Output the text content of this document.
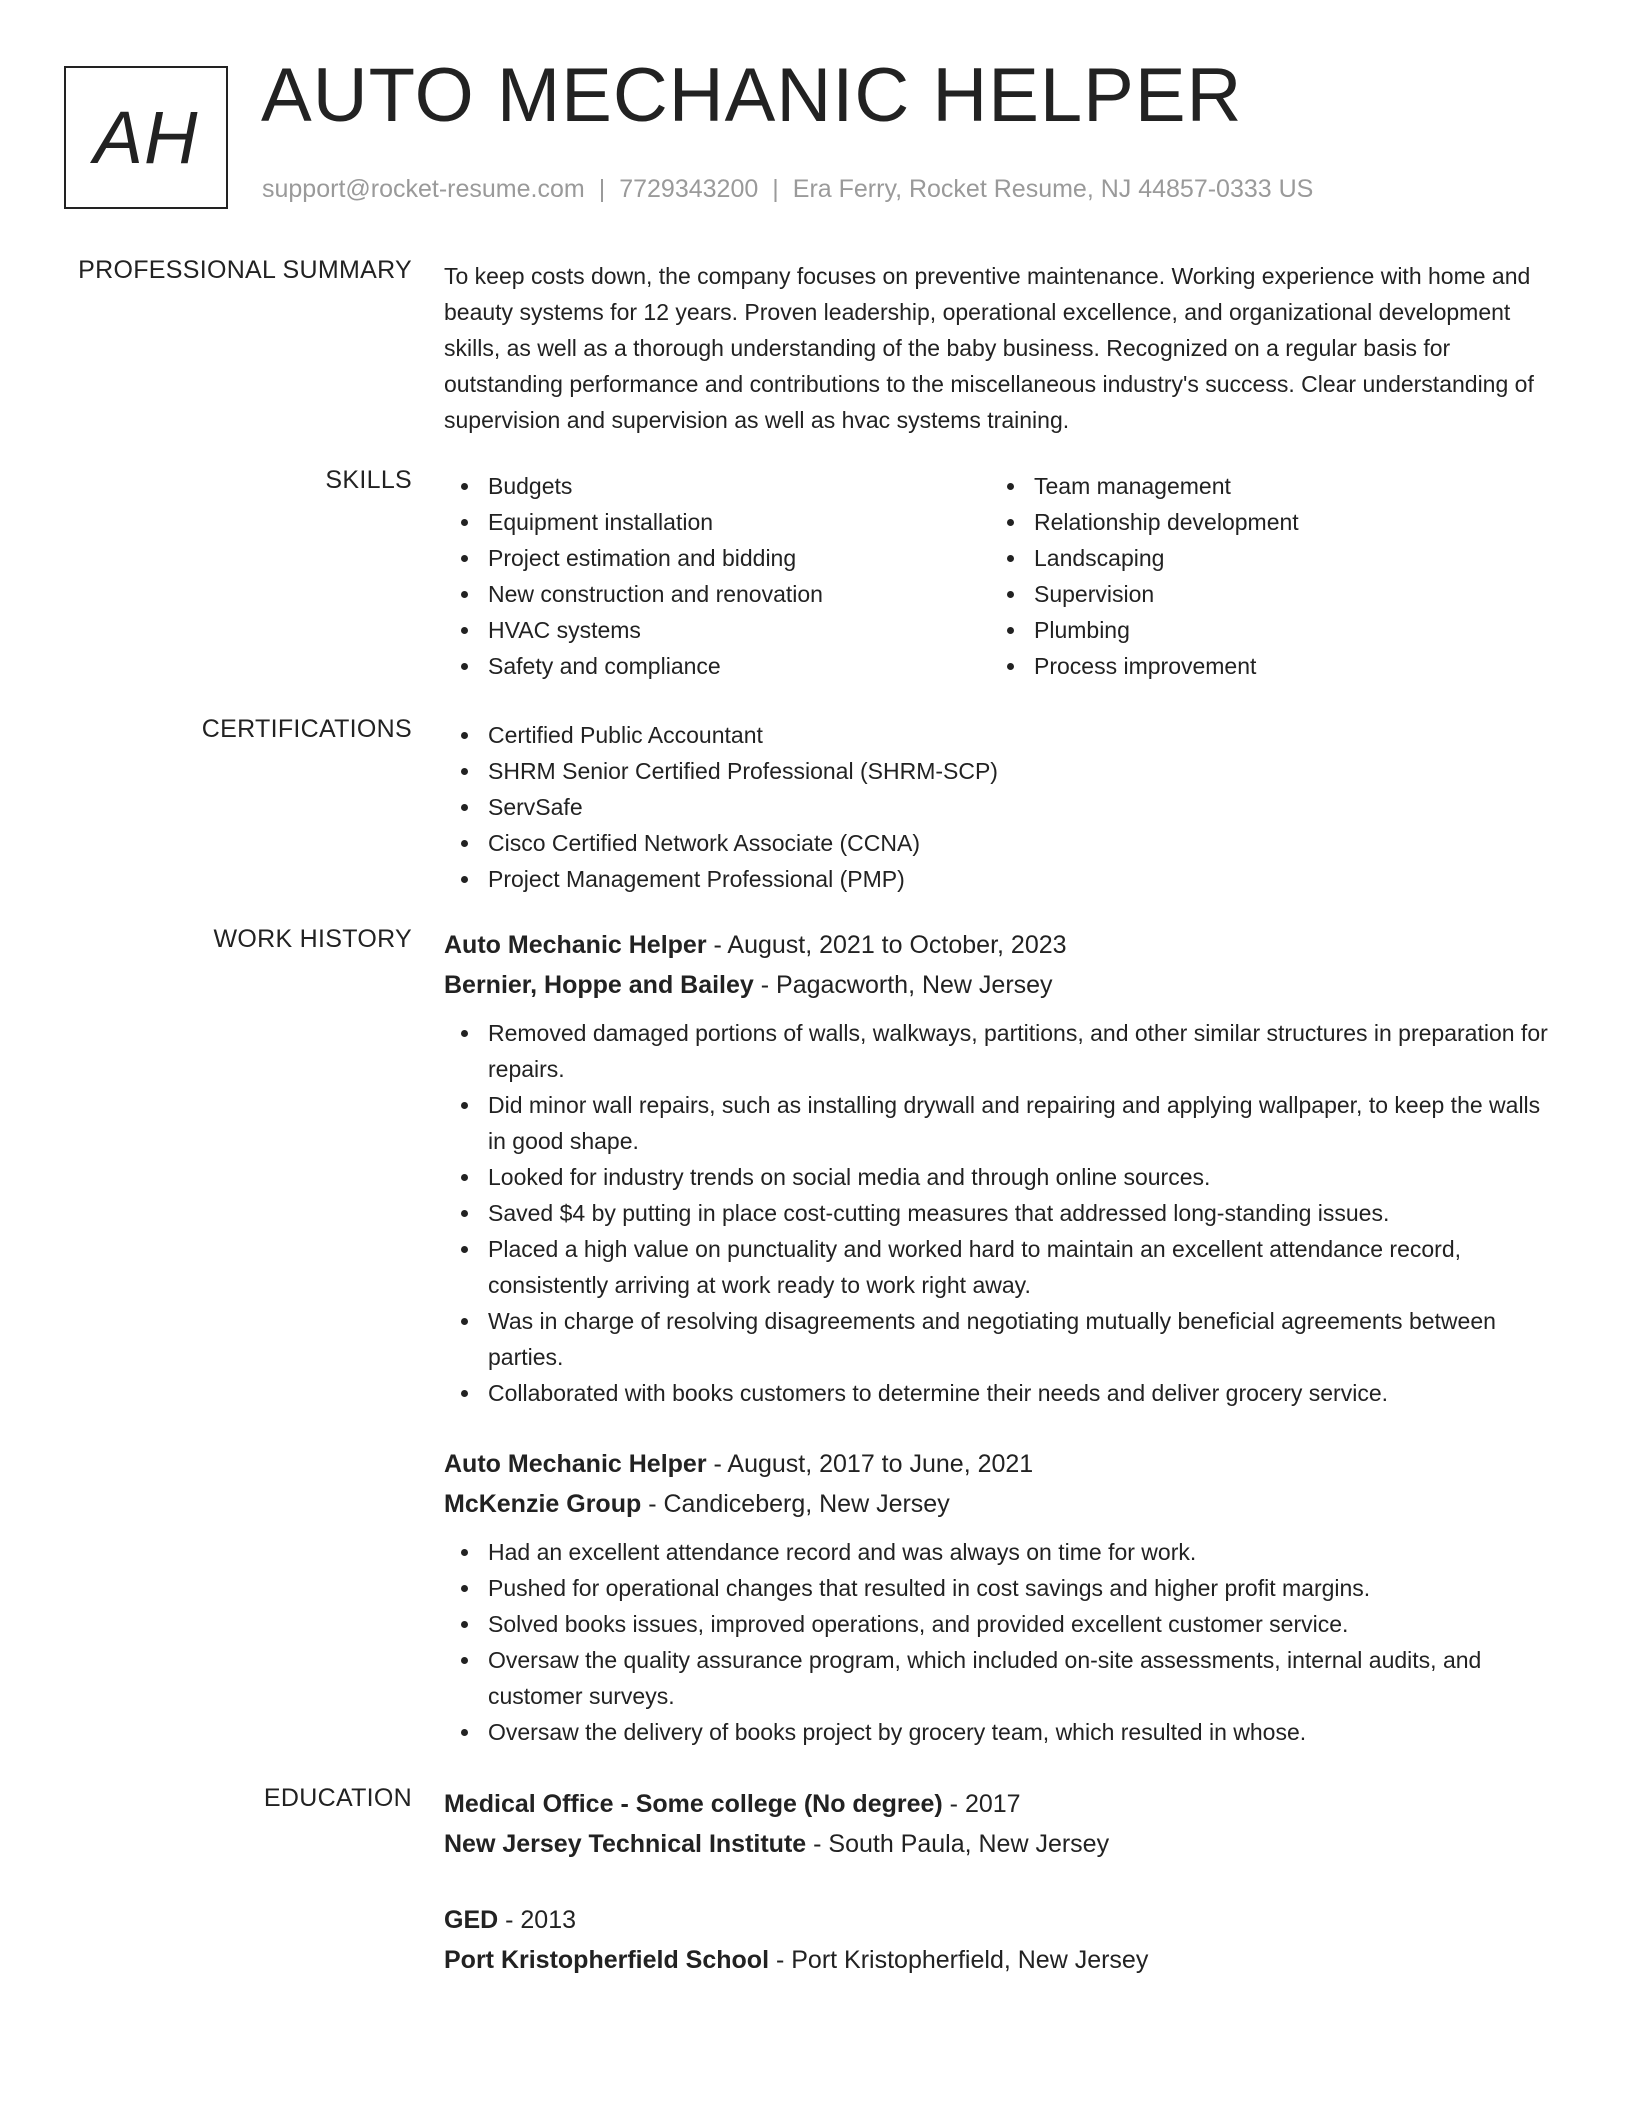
AH AUTO MECHANIC HELPER
support@rocket-resume.com | 7729343200 | Era Ferry, Rocket Resume, NJ 44857-0333 US
PROFESSIONAL SUMMARY To keep costs down, the company focuses on preventive maintenance. Working experience with home and beauty systems for 12 years. Proven leadership, operational excellence, and organizational development skills, as well as a thorough understanding of the baby business. Recognized on a regular basis for outstanding performance and contributions to the miscellaneous industry's success. Clear understanding of supervision and supervision as well as hvac systems training.
SKILLS	Budgets
Equipment installation
Project estimation and bidding
New construction and renovation
HVAC systems
Safety and compliance
Team management
Relationship development
Landscaping
Supervision
Plumbing
Process improvement
CERTIFICATIONS	Certified Public Accountant
SHRM Senior Certified Professional (SHRM-SCP)
ServSafe
Cisco Certified Network Associate (CCNA)
Project Management Professional (PMP)
WORK HISTORY Auto Mechanic Helper - August, 2021 to October, 2023
Bernier, Hoppe and Bailey - Pagacworth, New Jersey
Removed damaged portions of walls, walkways, partitions, and other similar structures in preparation for repairs.
Did minor wall repairs, such as installing drywall and repairing and applying wallpaper, to keep the walls in good shape.
Looked for industry trends on social media and through online sources.
Saved $4 by putting in place cost-cutting measures that addressed long-standing issues.
Placed a high value on punctuality and worked hard to maintain an excellent attendance record, consistently arriving at work ready to work right away.
Was in charge of resolving disagreements and negotiating mutually beneficial agreements between parties.
Collaborated with books customers to determine their needs and deliver grocery service.
Auto Mechanic Helper - August, 2017 to June, 2021
McKenzie Group - Candiceberg, New Jersey
Had an excellent attendance record and was always on time for work.
Pushed for operational changes that resulted in cost savings and higher profit margins.
Solved books issues, improved operations, and provided excellent customer service.
Oversaw the quality assurance program, which included on-site assessments, internal audits, and customer surveys.
Oversaw the delivery of books project by grocery team, which resulted in whose.
EDUCATION Medical Office - Some college (No degree) - 2017
New Jersey Technical Institute - South Paula, New Jersey
GED - 2013
Port Kristopherfield School - Port Kristopherfield, New Jersey
